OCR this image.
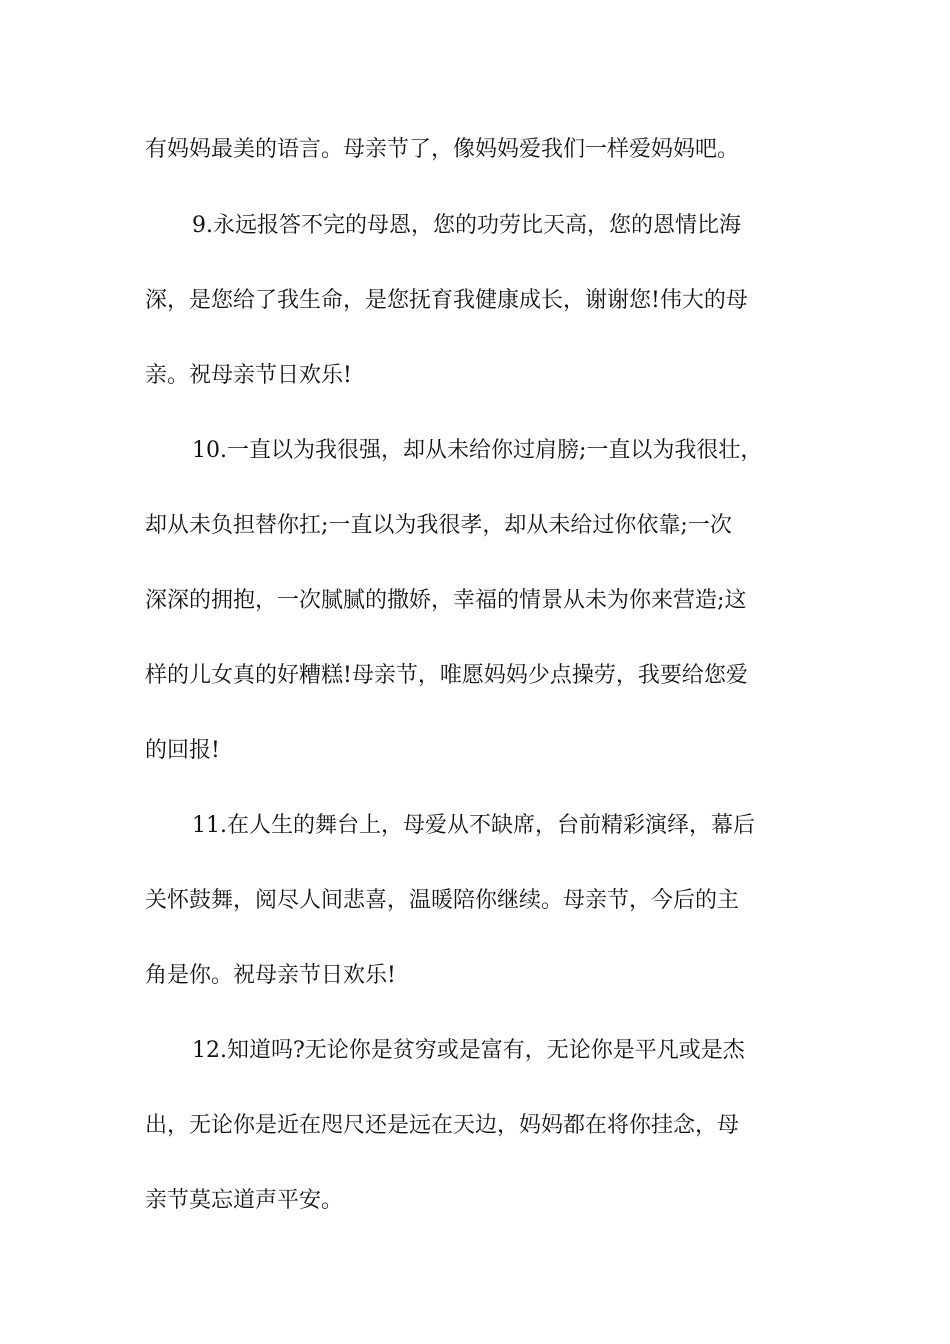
有妈妈最美的语言。母亲节了，像妈妈爱我们一样爱妈妈吧。

9.永远报答不完的母恩，您的功劳比天高，您的恩情比海

深，是您给了我生命，是您抚育我健康成长，谢谢您!伟大的母

亲。祝母亲节日欢乐!

10.一直以为我很强，却从未给你过肩膀;一直以为我很壮，

却从未负担替你扛;一直以为我很孝，却从未给过你依靠;一次

深深的拥抱，一次腻腻的撒娇，幸福的情景从未为你来营造;这

样的儿女真的好糟糕!母亲节，唯愿妈妈少点操劳，我要给您爱

的回报!

11.在人生的舞台上，母爱从不缺席，台前精彩演绎，幕后

关怀鼓舞，阅尽人间悲喜，温暖陪你继续。母亲节，今后的主

角是你。祝母亲节日欢乐!

12.知道吗?无论你是贫穷或是富有，无论你是平凡或是杰

出，无论你是近在咫尺还是远在天边，妈妈都在将你挂念，母

亲节莫忘道声平安。
